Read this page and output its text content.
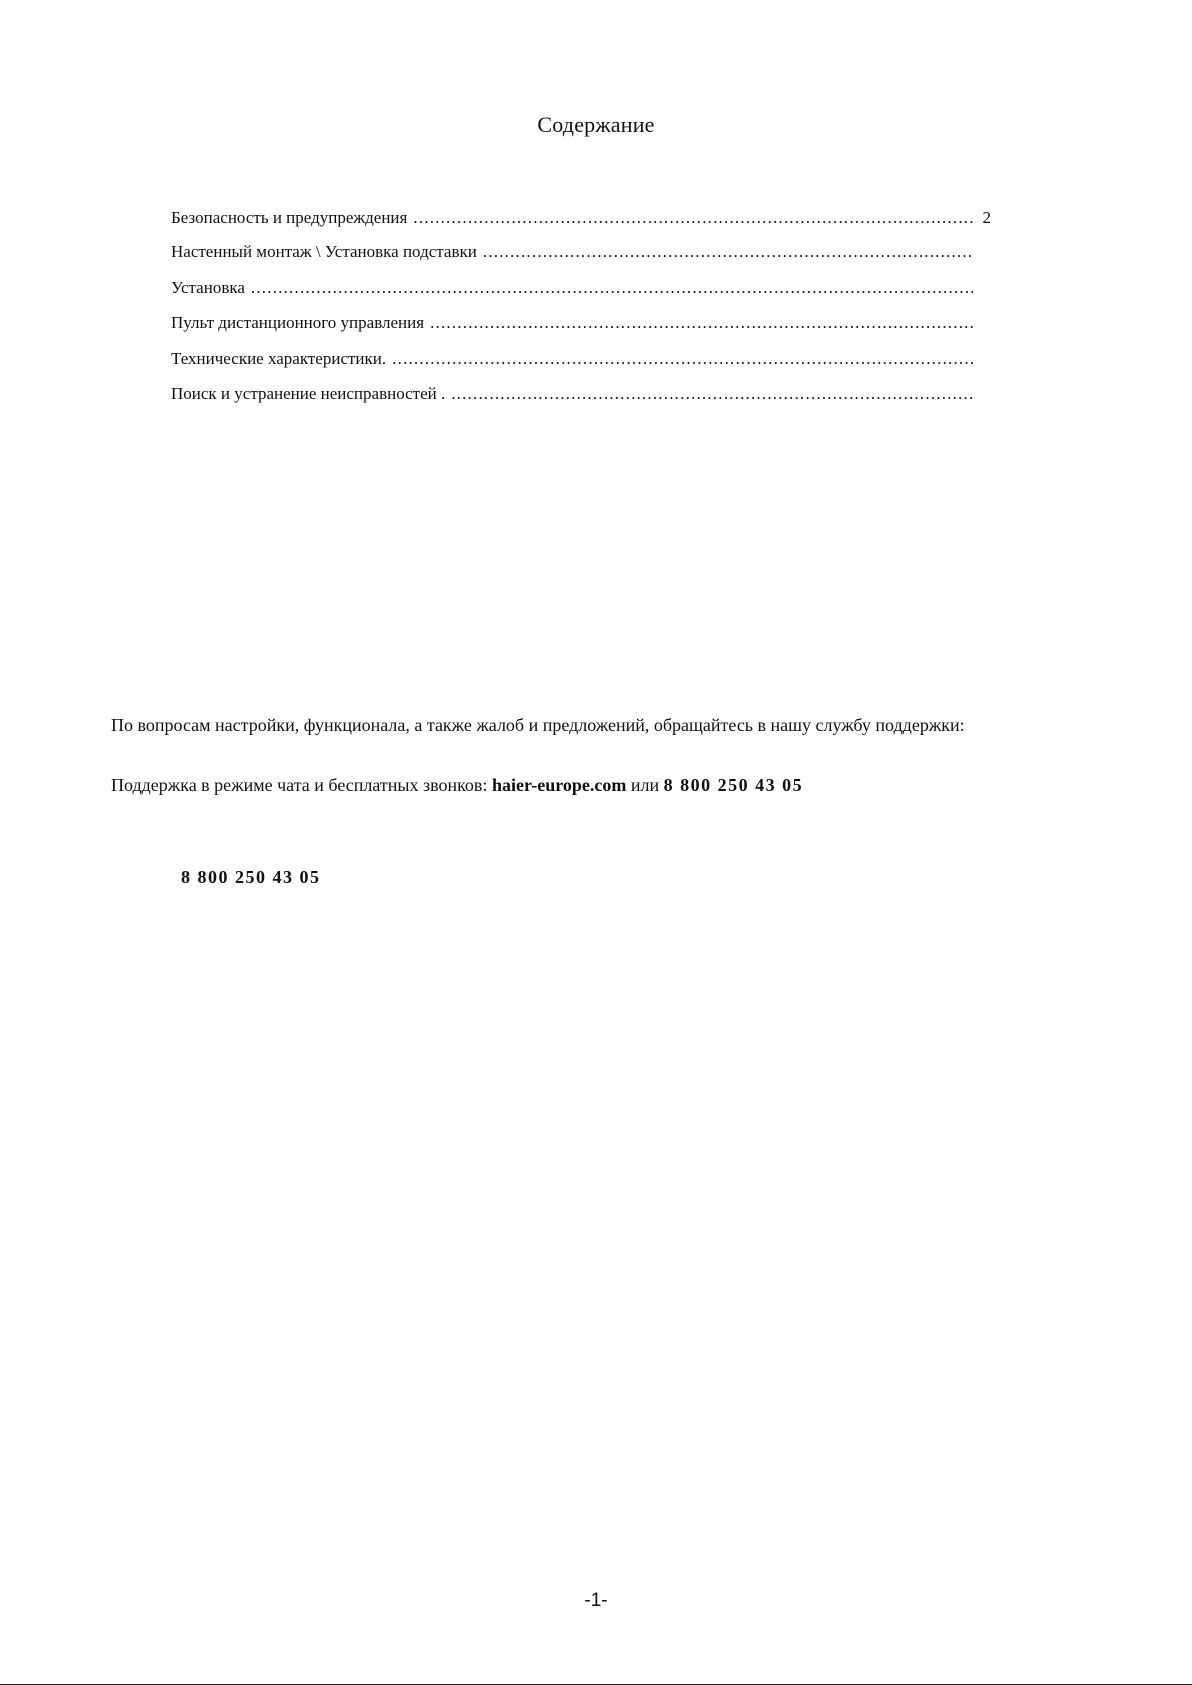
Содержание
Безопасность и предупреждения
.....	2
Настенный монтаж \ Установка подставки
.....
Установка
.....
Пульт дистанционного управления
.....
Технические характеристики.
.....
Поиск и устранение неисправностей .
.....
По вопросам настройки, функционала, а также жалоб и предложений, обращайтесь в нашу службу поддержки:
Поддержка в режиме чата и бесплатных звонков: haier-europe.com или 8 800 250 43 05
8 800 250 43 05
-1-
